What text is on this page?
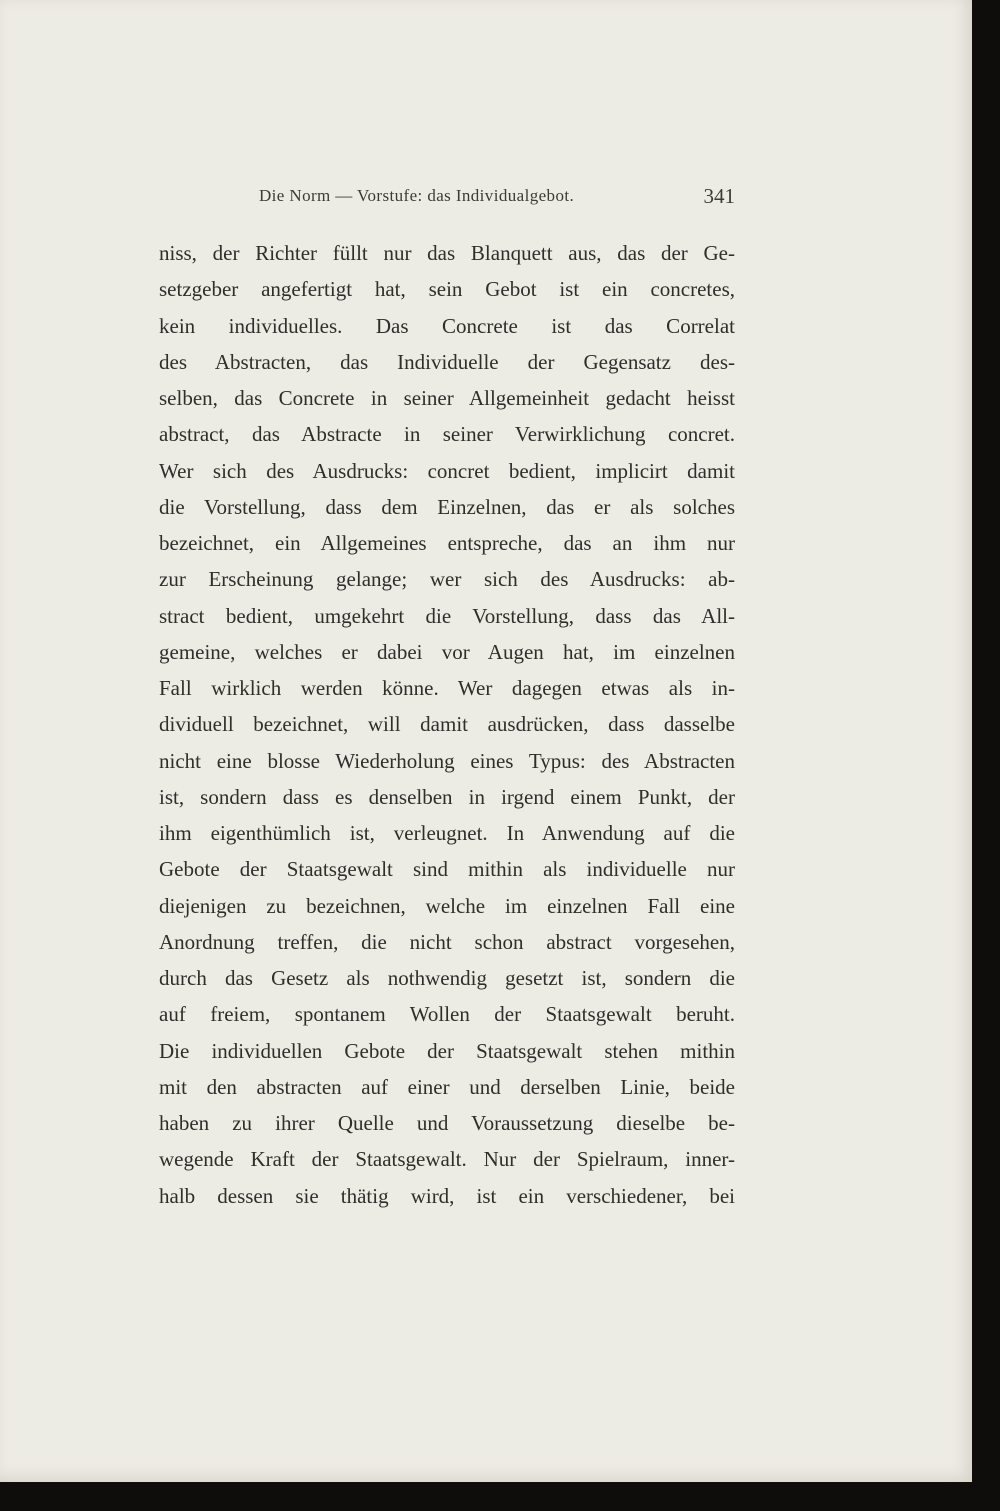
Die Norm — Vorstufe: das Individualgebot.	341
niss, der Richter füllt nur das Blanquett aus, das der Ge-
setzgeber angefertigt hat, sein Gebot ist ein concretes,
kein individuelles. Das Concrete ist das Correlat
des Abstracten, das Individuelle der Gegensatz des-
selben, das Concrete in seiner Allgemeinheit gedacht heisst
abstract, das Abstracte in seiner Verwirklichung concret.
Wer sich des Ausdrucks: concret bedient, implicirt damit
die Vorstellung, dass dem Einzelnen, das er als solches
bezeichnet, ein Allgemeines entspreche, das an ihm nur
zur Erscheinung gelange; wer sich des Ausdrucks: ab-
stract bedient, umgekehrt die Vorstellung, dass das All-
gemeine, welches er dabei vor Augen hat, im einzelnen
Fall wirklich werden könne. Wer dagegen etwas als in-
dividuell bezeichnet, will damit ausdrücken, dass dasselbe
nicht eine blosse Wiederholung eines Typus: des Abstracten
ist, sondern dass es denselben in irgend einem Punkt, der
ihm eigenthümlich ist, verleugnet. In Anwendung auf die
Gebote der Staatsgewalt sind mithin als individuelle nur
diejenigen zu bezeichnen, welche im einzelnen Fall eine
Anordnung treffen, die nicht schon abstract vorgesehen,
durch das Gesetz als nothwendig gesetzt ist, sondern die
auf freiem, spontanem Wollen der Staatsgewalt beruht.
Die individuellen Gebote der Staatsgewalt stehen mithin
mit den abstracten auf einer und derselben Linie, beide
haben zu ihrer Quelle und Voraussetzung dieselbe be-
wegende Kraft der Staatsgewalt. Nur der Spielraum, inner-
halb dessen sie thätig wird, ist ein verschiedener, bei
